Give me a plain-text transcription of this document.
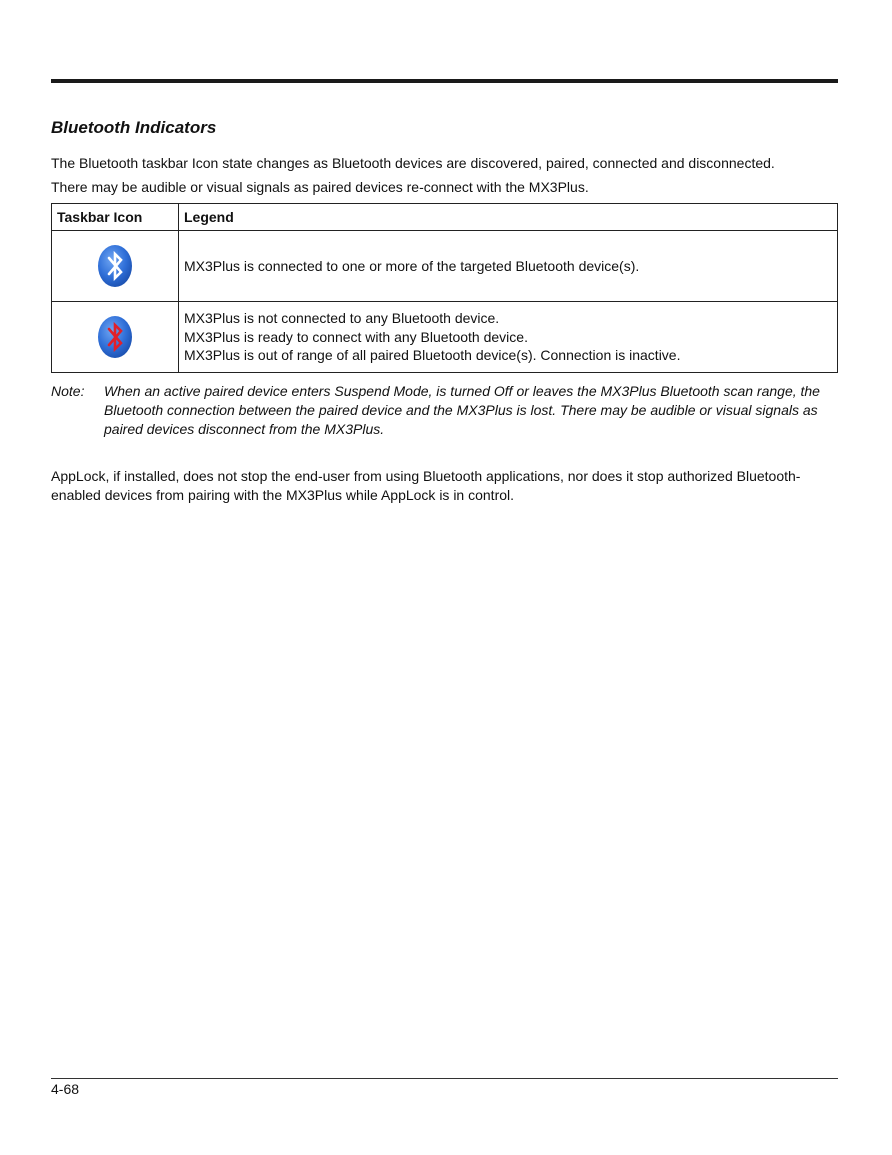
Bluetooth Indicators

The Bluetooth taskbar Icon state changes as Bluetooth devices are discovered, paired, connected and disconnected.

There may be audible or visual signals as paired devices re-connect with the MX3Plus.

Taskbar Icon	Legend

MX3Plus is connected to one or more of the targeted Bluetooth device(s).

MX3Plus is not connected to any Bluetooth device.
MX3Plus is ready to connect with any Bluetooth device.
MX3Plus is out of range of all paired Bluetooth device(s). Connection is inactive.
Note: When an active paired device enters Suspend Mode, is turned Off or leaves the MX3Plus Bluetooth scan range, the
Bluetooth connection between the paired device and the MX3Plus is lost. There may be audible or visual signals as
paired devices disconnect from the MX3Plus.
AppLock, if installed, does not stop the end-user from using Bluetooth applications, nor does it stop authorized Bluetooth-
enabled devices from pairing with the MX3Plus while AppLock is in control.
4-68
